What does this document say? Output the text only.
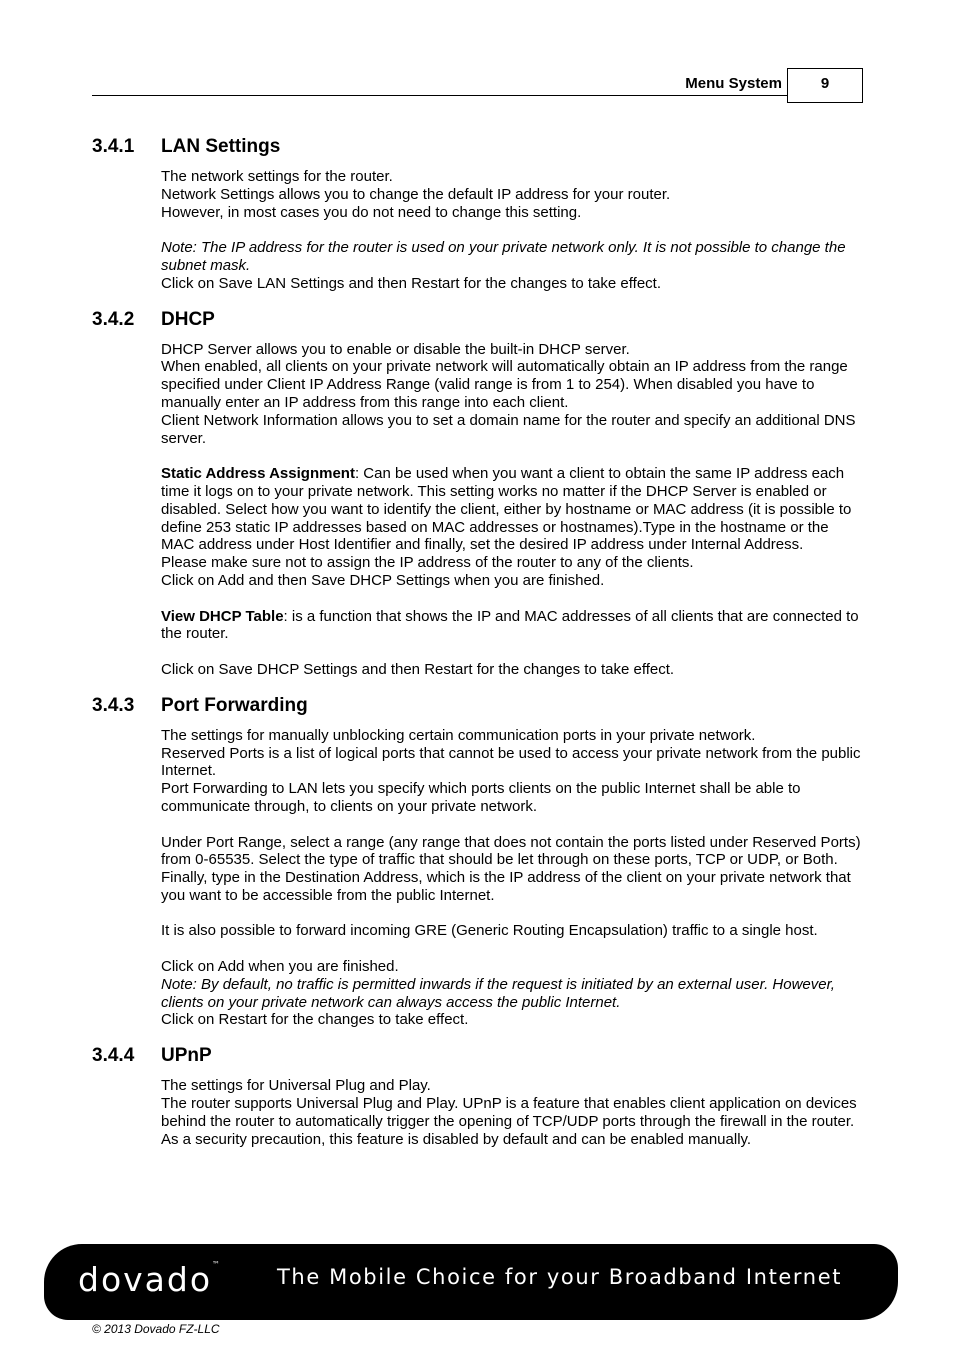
Menu System	9
3.4.1	LAN Settings

The network settings for the router.

Network Settings allows you to change the default IP address for your router.

However, in most cases you do not need to change this setting.

Note: The IP address for the router is used on your private network only. It is not possible to change the subnet mask.

Click on Save LAN Settings and then Restart for the changes to take effect.

3.4.2	DHCP

DHCP Server allows you to enable or disable the built-in DHCP server.

When enabled, all clients on your private network will automatically obtain an IP address from the range specified under Client IP Address Range (valid range is from 1 to 254). When disabled you have to manually enter an IP address from this range into each client.

Client Network Information allows you to set a domain name for the router and specify an additional DNS server.

Static Address Assignment: Can be used when you want a client to obtain the same IP address each time it logs on to your private network. This setting works no matter if the DHCP Server is enabled or disabled. Select how you want to identify the client, either by hostname or MAC address (it is possible to define 253 static IP addresses based on MAC addresses or hostnames).Type in the hostname or the MAC address under Host Identifier and finally, set the desired IP address under Internal Address.

Please make sure not to assign the IP address of the router to any of the clients.

Click on Add and then Save DHCP Settings when you are finished.

View DHCP Table: is a function that shows the IP and MAC addresses of all clients that are connected to the router.

Click on Save DHCP Settings and then Restart for the changes to take effect.

3.4.3	Port Forwarding

The settings for manually unblocking certain communication ports in your private network.

Reserved Ports is a list of logical ports that cannot be used to access your private network from the public Internet.

Port Forwarding to LAN lets you specify which ports clients on the public Internet shall be able to communicate through, to clients on your private network.

Under Port Range, select a range (any range that does not contain the ports listed under Reserved Ports) from 0-65535. Select the type of traffic that should be let through on these ports, TCP or UDP, or Both. Finally, type in the Destination Address, which is the IP address of the client on your private network that you want to be accessible from the public Internet.

It is also possible to forward incoming GRE (Generic Routing Encapsulation) traffic to a single host.

Click on Add when you are finished.

Note: By default, no traffic is permitted inwards if the request is initiated by an external user. However, clients on your private network can always access the public Internet.

Click on Restart for the changes to take effect.

3.4.4	UPnP

The settings for Universal Plug and Play.

The router supports Universal Plug and Play. UPnP is a feature that enables client application on devices behind the router to automatically trigger the opening of TCP/UDP ports through the firewall in the router.

As a security precaution, this feature is disabled by default and can be enabled manually.

dovado™
The Mobile Choice for your Broadband Internet
© 2013 Dovado FZ-LLC
